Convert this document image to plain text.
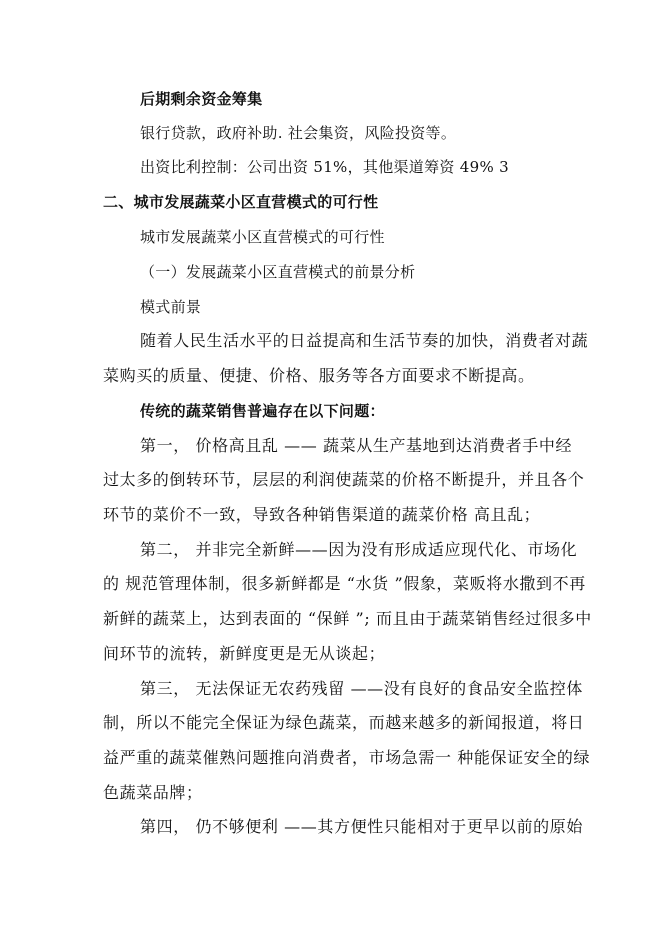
后期剩余资金筹集
银行贷款，政府补助. 社会集资，风险投资等。
出资比利控制：公司出资 51%，其他渠道筹资 49% 3
二、城市发展蔬菜小区直营模式的可行性
城市发展蔬菜小区直营模式的可行性
（一）发展蔬菜小区直营模式的前景分析
模式前景
随着人民生活水平的日益提高和生活节奏的加快，消费者对蔬
菜购买的质量、便捷、价格、服务等各方面要求不断提高。
传统的蔬菜销售普遍存在以下问题：
第一， 价格高且乱 —— 蔬菜从生产基地到达消费者手中经
过太多的倒转环节，层层的利润使蔬菜的价格不断提升，并且各个
环节的菜价不一致，导致各种销售渠道的蔬菜价格 高且乱；
第二， 并非完全新鲜——因为没有形成适应现代化、市场化
的 规范管理体制，很多新鲜都是 “水货 ”假象，菜贩将水撒到不再
新鲜的蔬菜上，达到表面的 “保鲜 ”; 而且由于蔬菜销售经过很多中
间环节的流转，新鲜度更是无从谈起；
第三， 无法保证无农药残留 ——没有良好的食品安全监控体
制，所以不能完全保证为绿色蔬菜，而越来越多的新闻报道，将日
益严重的蔬菜催熟问题推向消费者，市场急需一 种能保证安全的绿
色蔬菜品牌；
第四， 仍不够便利 ——其方便性只能相对于更早以前的原始
